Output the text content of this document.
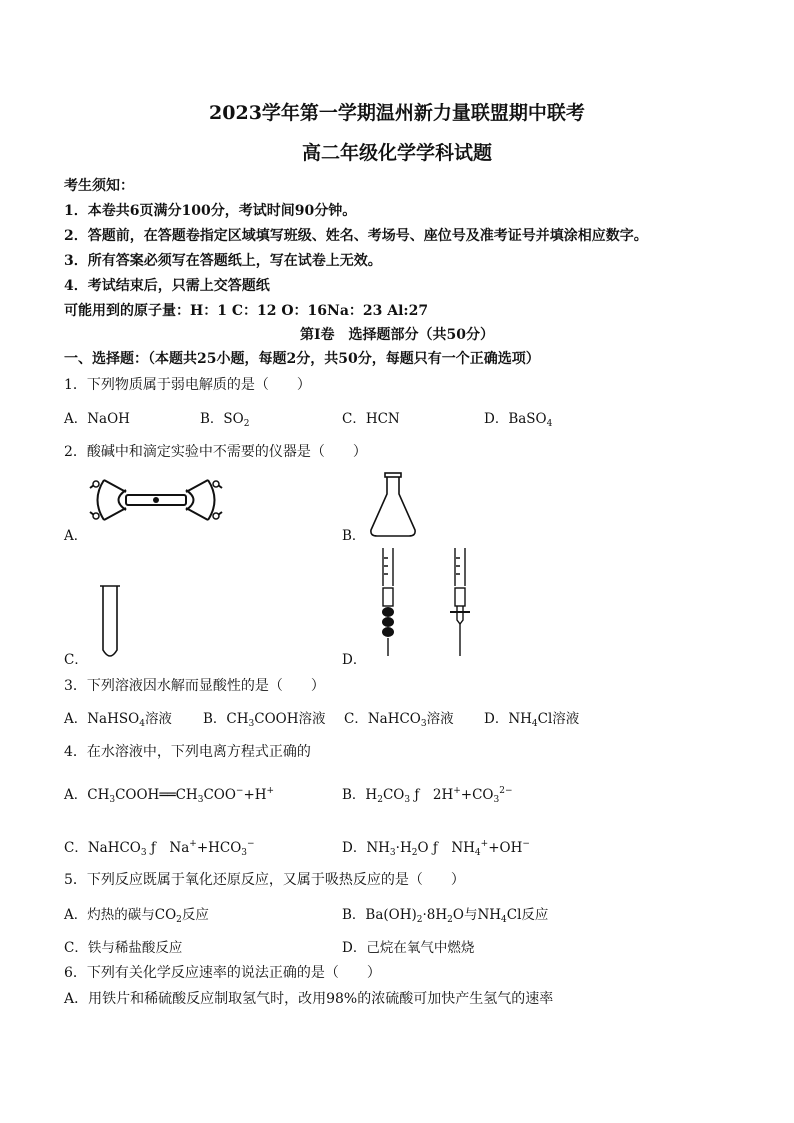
2023学年第一学期温州新力量联盟期中联考
高二年级化学学科试题
考生须知：
1．本卷共6页满分100分，考试时间90分钟。
2．答题前，在答题卷指定区域填写班级、姓名、考场号、座位号及准考证号并填涂相应数字。
3．所有答案必须写在答题纸上，写在试卷上无效。
4．考试结束后，只需上交答题纸
可能用到的原子量：H：1 C：12 O：16Na：23 Al:27
第Ⅰ卷　选择题部分（共50分）
一、选择题：（本题共25小题，每题2分，共50分，每题只有一个正确选项）
1．下列物质属于弱电解质的是（　　）
A．NaOH	B．$SO_2$	C．HCN	D．BaSO$_4$
2．酸碱中和滴定实验中不需要的仪器是（　　）
A．	B．
C．	D．
3．下列溶液因水解而显酸性的是（　　）
A．NaHSO$_4$溶液 B．$CH_3COOH$溶液 C．NaHCO$_3$溶液 D．$NH_4Cl$溶液
4．在水溶液中，下列电离方程式正确的
A．$CH_3COOH══CH_3COO^-+H^+$	B．$H_2CO_3$ ƒ　$2H^++CO_3^{2-}$
C．NaHCO$_3$ ƒ　$Na^++HCO_3^-$	D．$NH_3\cdot H_2O$ ƒ　$NH_4^++OH^-$
5．下列反应既属于氧化还原反应，又属于吸热反应的是（　　）
A．灼热的碳与$CO_2$反应	B．$Ba(OH)_2\cdot 8H_2O$与$NH_4Cl$反应
C．铁与稀盐酸反应	D．己烷在氧气中燃烧
6．下列有关化学反应速率的说法正确的是（　　）
A．用铁片和稀硫酸反应制取氢气时，改用98%的浓硫酸可加快产生氢气的速率
